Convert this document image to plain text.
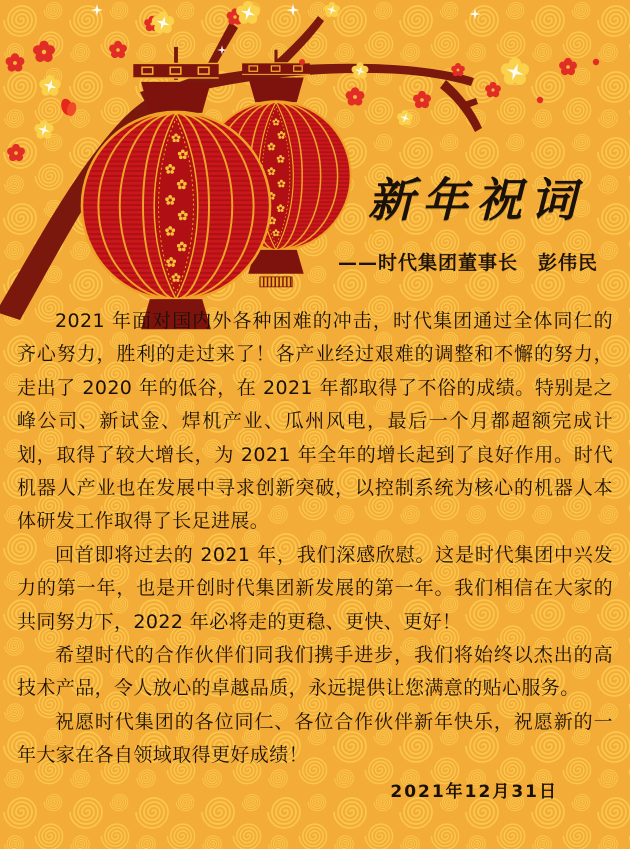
新年祝词
——时代集团董事长　彭伟民

2021 年面对国内外各种困难的冲击，时代集团通过全体同仁的齐心努力，胜利的走过来了！各产业经过艰难的调整和不懈的努力，走出了 2020 年的低谷，在 2021 年都取得了不俗的成绩。特别是之峰公司、新试金、焊机产业、瓜州风电，最后一个月都超额完成计划，取得了较大增长，为 2021 年全年的增长起到了良好作用。时代机器人产业也在发展中寻求创新突破，以控制系统为核心的机器人本体研发工作取得了长足进展。

回首即将过去的 2021 年，我们深感欣慰。这是时代集团中兴发力的第一年，也是开创时代集团新发展的第一年。我们相信在大家的共同努力下，2022 年必将走的更稳、更快、更好！

希望时代的合作伙伴们同我们携手进步，我们将始终以杰出的高技术产品，令人放心的卓越品质，永远提供让您满意的贴心服务。

祝愿时代集团的各位同仁、各位合作伙伴新年快乐，祝愿新的一年大家在各自领域取得更好成绩！

2021年12月31日
